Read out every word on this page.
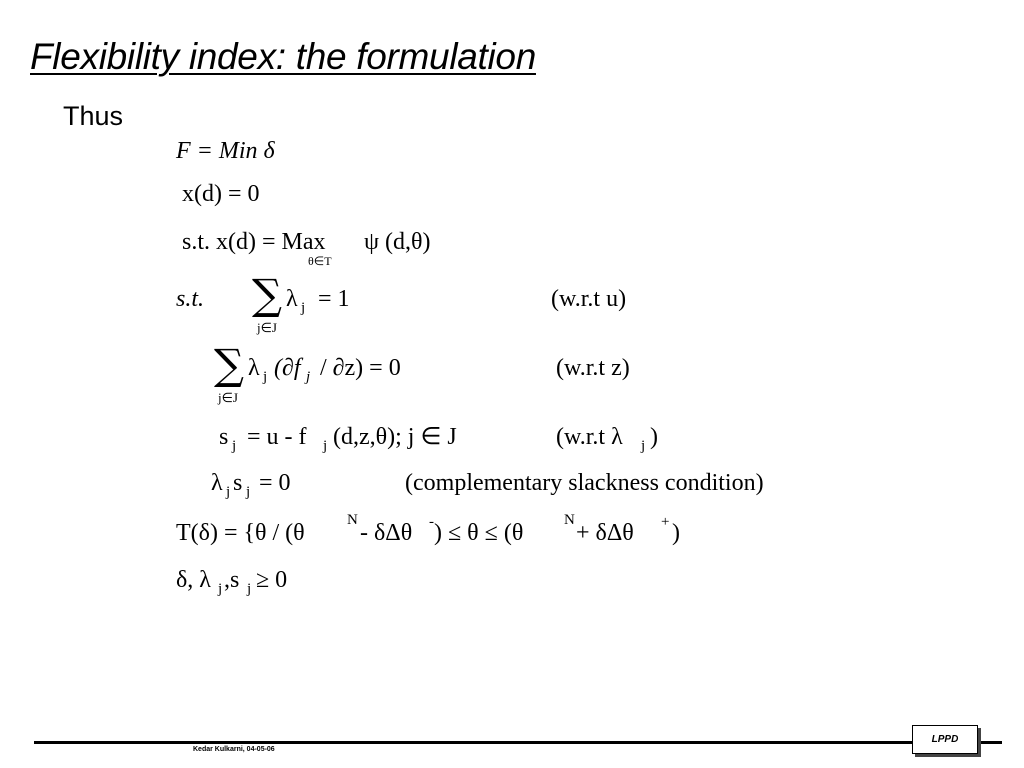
Flexibility index: the formulation
Thus
F = Min δ
x(d) = 0
s.t. x(d) = Max
θ∈T
ψ (d,θ)
s.t. ∑
j∈J
λ j = 1	(w.r.t u)
∑
j∈J
λ j (∂f j / ∂z) = 0	(w.r.t z)
s j = u - f j (d,z,θ); j ∈ J	(w.r.t λ j )
λ j s j = 0	(complementary slackness condition)
T(δ) = {θ / (θ	N - δΔθ - ) ≤ θ ≤ (θ	N + δΔθ + )
δ, λ j ,s j ≥ 0
Kedar Kulkarni, 04-05-06
LPPD
